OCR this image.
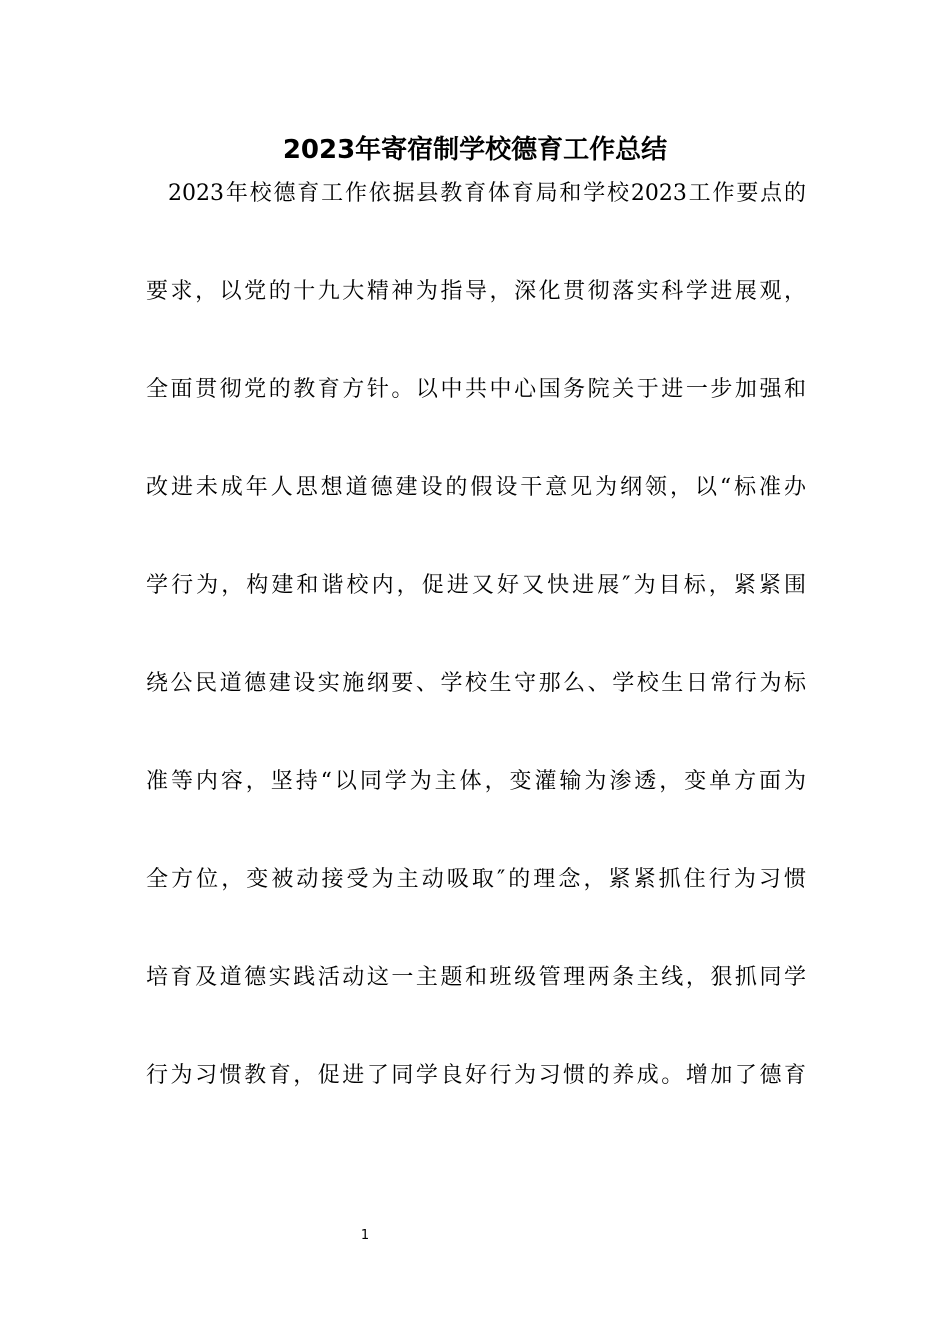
2023年寄宿制学校德育工作总结
2023年校德育工作依据县教育体育局和学校2023工作要点的
要求，以党的十九大精神为指导，深化贯彻落实科学进展观，
全面贯彻党的教育方针。以中共中心国务院关于进一步加强和
改进未成年人思想道德建设的假设干意见为纲领，以“标准办
学行为，构建和谐校内，促进又好又快进展″为目标，紧紧围
绕公民道德建设实施纲要、学校生守那么、学校生日常行为标
准等内容，坚持“以同学为主体，变灌输为渗透，变单方面为
全方位，变被动接受为主动吸取″的理念，紧紧抓住行为习惯
培育及道德实践活动这一主题和班级管理两条主线，狠抓同学
行为习惯教育，促进了同学良好行为习惯的养成。增加了德育
1
